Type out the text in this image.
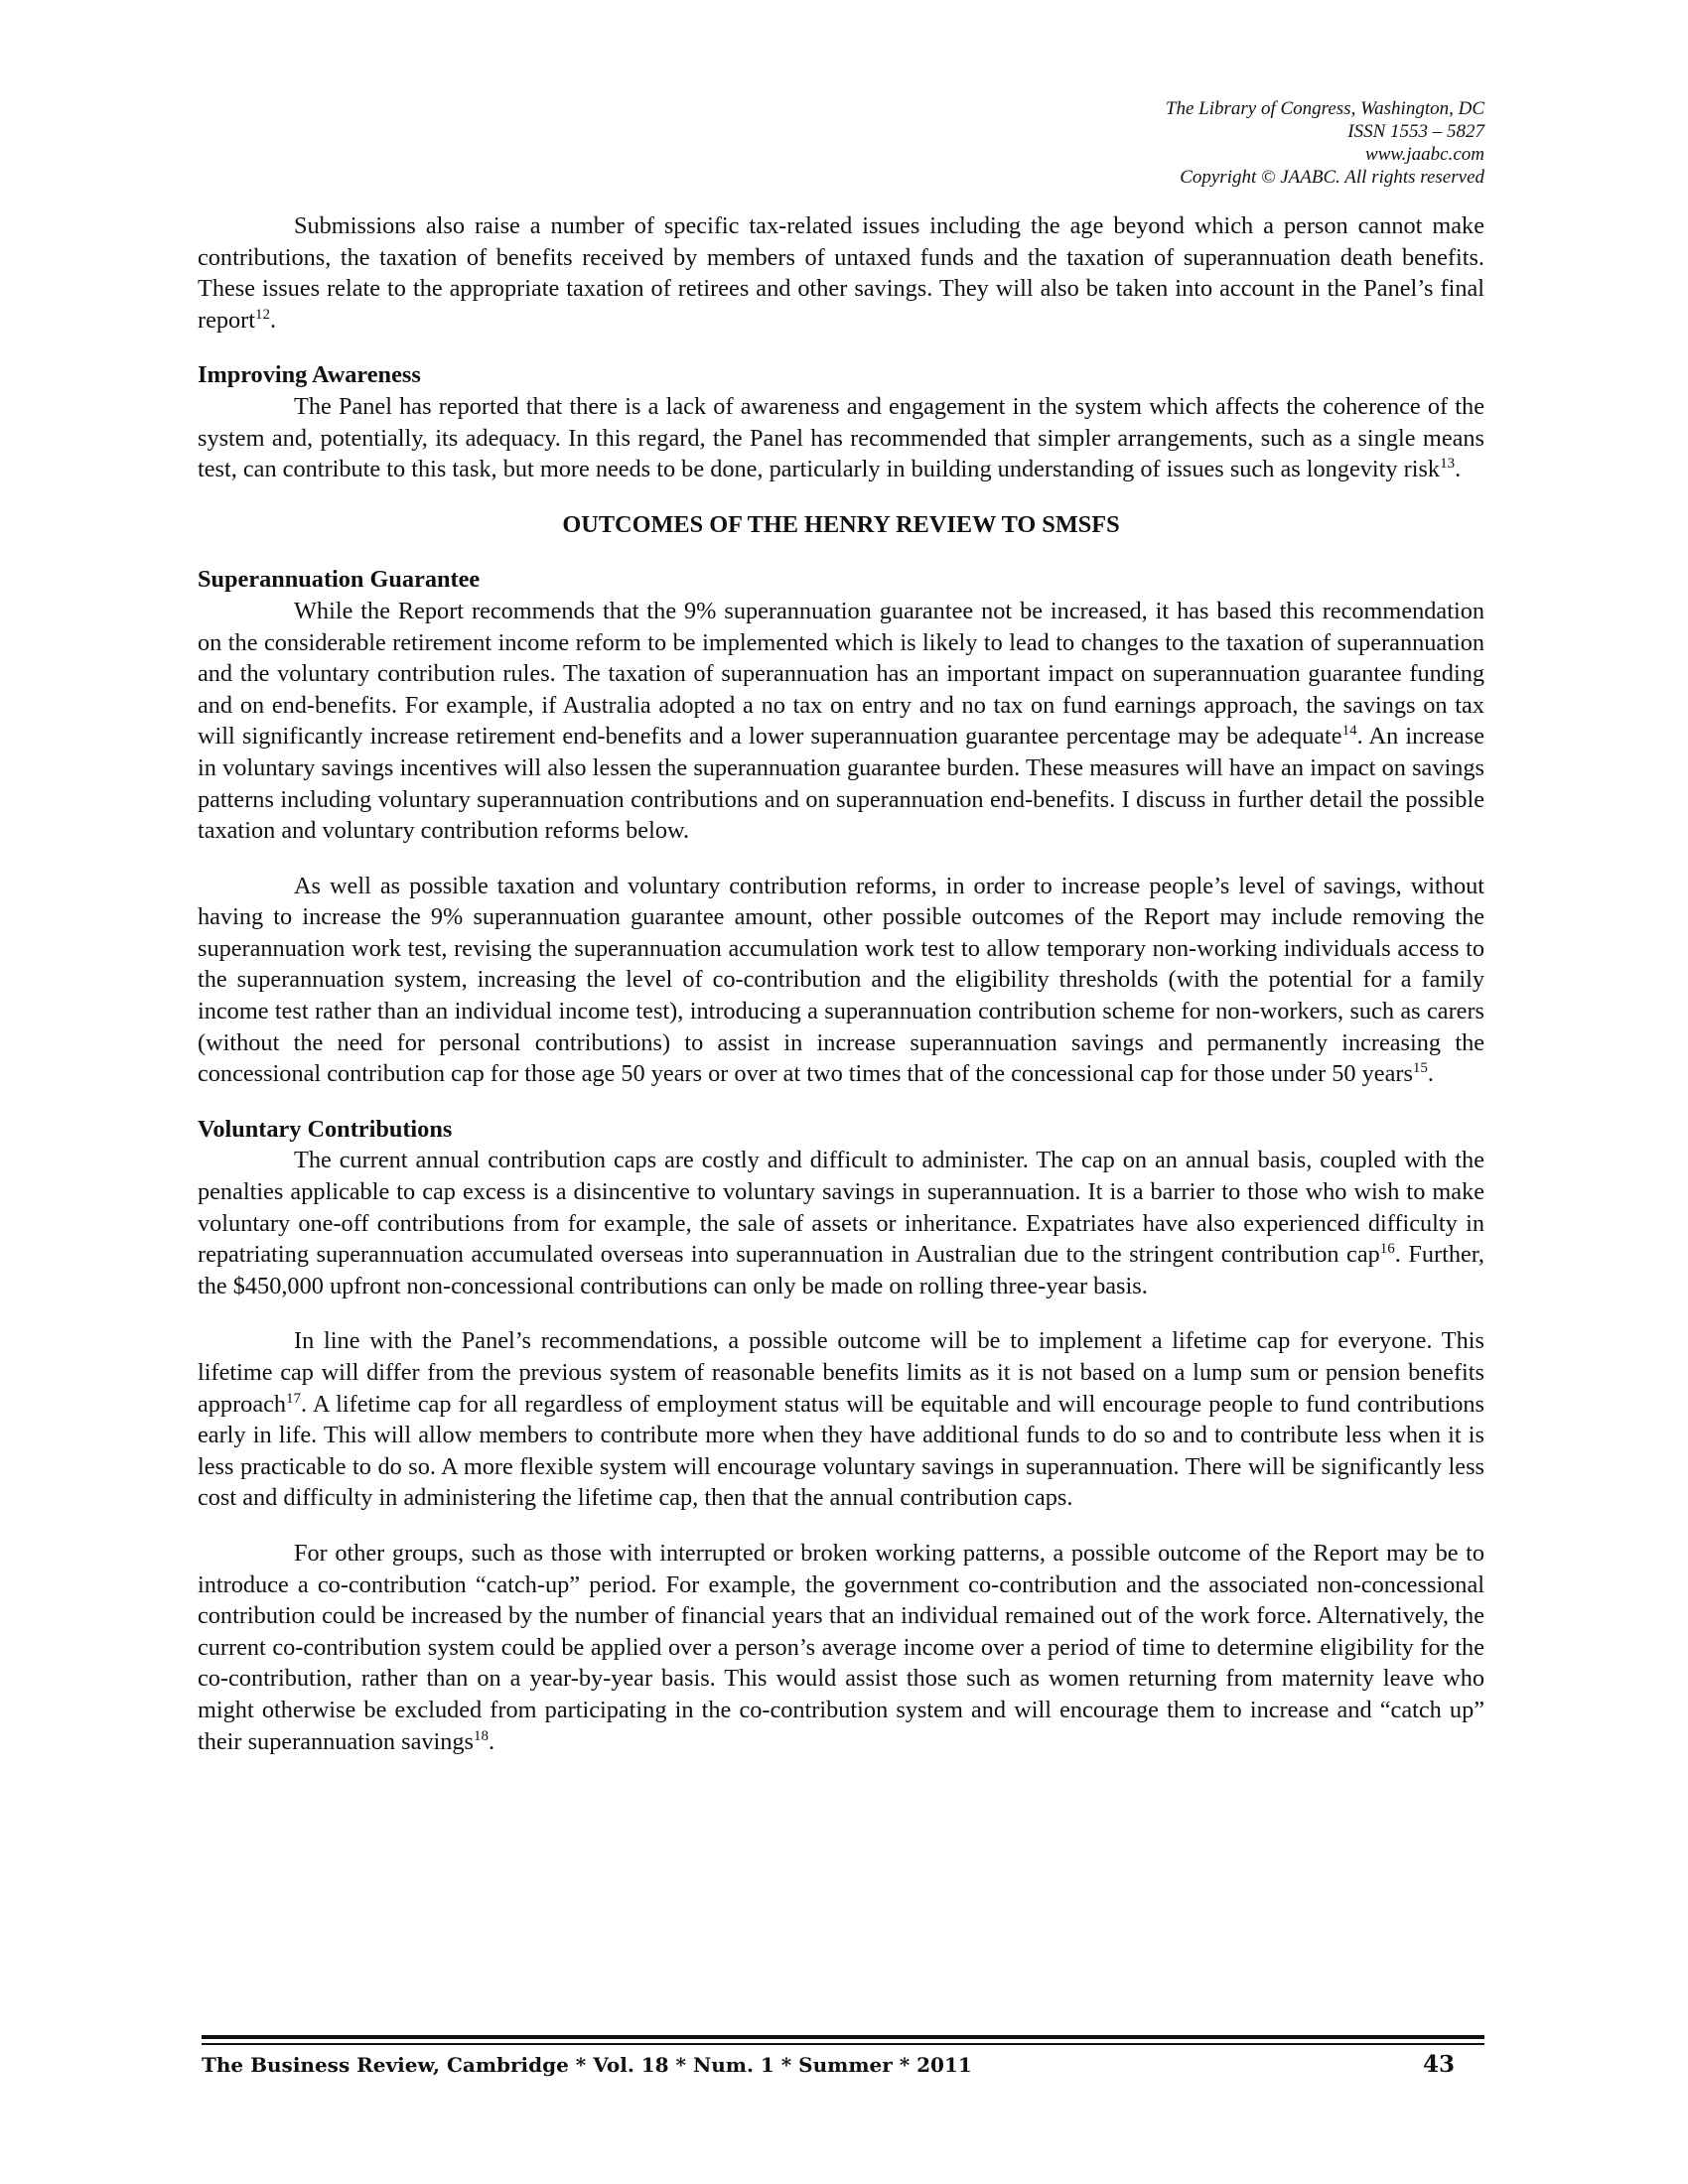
The Library of Congress, Washington, DC
ISSN 1553 – 5827
www.jaabc.com
Copyright © JAABC. All rights reserved

Submissions also raise a number of specific tax-related issues including the age beyond which a person cannot make contributions, the taxation of benefits received by members of untaxed funds and the taxation of superannuation death benefits. These issues relate to the appropriate taxation of retirees and other savings. They will also be taken into account in the Panel’s final report$^{12}$.

Improving Awareness

The Panel has reported that there is a lack of awareness and engagement in the system which affects the coherence of the system and, potentially, its adequacy. In this regard, the Panel has recommended that simpler arrangements, such as a single means test, can contribute to this task, but more needs to be done, particularly in building understanding of issues such as longevity risk$^{13}$.

OUTCOMES OF THE HENRY REVIEW TO SMSFS
Superannuation Guarantee

While the Report recommends that the 9% superannuation guarantee not be increased, it has based this recommendation on the considerable retirement income reform to be implemented which is likely to lead to changes to the taxation of superannuation and the voluntary contribution rules. The taxation of superannuation has an important impact on superannuation guarantee funding and on end-benefits. For example, if Australia adopted a no tax on entry and no tax on fund earnings approach, the savings on tax will significantly increase retirement end-benefits and a lower superannuation guarantee percentage may be adequate$^{14}$. An increase in voluntary savings incentives will also lessen the superannuation guarantee burden. These measures will have an impact on savings patterns including voluntary superannuation contributions and on superannuation end-benefits. I discuss in further detail the possible taxation and voluntary contribution reforms below.

As well as possible taxation and voluntary contribution reforms, in order to increase people’s level of savings, without having to increase the 9% superannuation guarantee amount, other possible outcomes of the Report may include removing the superannuation work test, revising the superannuation accumulation work test to allow temporary non-working individuals access to the superannuation system, increasing the level of co-contribution and the eligibility thresholds (with the potential for a family income test rather than an individual income test), introducing a superannuation contribution scheme for non-workers, such as carers (without the need for personal contributions) to assist in increase superannuation savings and permanently increasing the concessional contribution cap for those age 50 years or over at two times that of the concessional cap for those under 50 years$^{15}$.

Voluntary Contributions

The current annual contribution caps are costly and difficult to administer. The cap on an annual basis, coupled with the penalties applicable to cap excess is a disincentive to voluntary savings in superannuation. It is a barrier to those who wish to make voluntary one-off contributions from for example, the sale of assets or inheritance. Expatriates have also experienced difficulty in repatriating superannuation accumulated overseas into superannuation in Australian due to the stringent contribution cap$^{16}$. Further, the $450,000 upfront non-concessional contributions can only be made on rolling three-year basis.

In line with the Panel’s recommendations, a possible outcome will be to implement a lifetime cap for everyone. This lifetime cap will differ from the previous system of reasonable benefits limits as it is not based on a lump sum or pension benefits approach$^{17}$. A lifetime cap for all regardless of employment status will be equitable and will encourage people to fund contributions early in life. This will allow members to contribute more when they have additional funds to do so and to contribute less when it is less practicable to do so. A more flexible system will encourage voluntary savings in superannuation. There will be significantly less cost and difficulty in administering the lifetime cap, then that the annual contribution caps.

For other groups, such as those with interrupted or broken working patterns, a possible outcome of the Report may be to introduce a co-contribution “catch-up” period. For example, the government co-contribution and the associated non-concessional contribution could be increased by the number of financial years that an individual remained out of the work force. Alternatively, the current co-contribution system could be applied over a person’s average income over a period of time to determine eligibility for the co-contribution, rather than on a year-by-year basis. This would assist those such as women returning from maternity leave who might otherwise be excluded from participating in the co-contribution system and will encourage them to increase and “catch up” their superannuation savings$^{18}$.

The Business Review, Cambridge * Vol. 18 * Num. 1 * Summer * 2011	43
